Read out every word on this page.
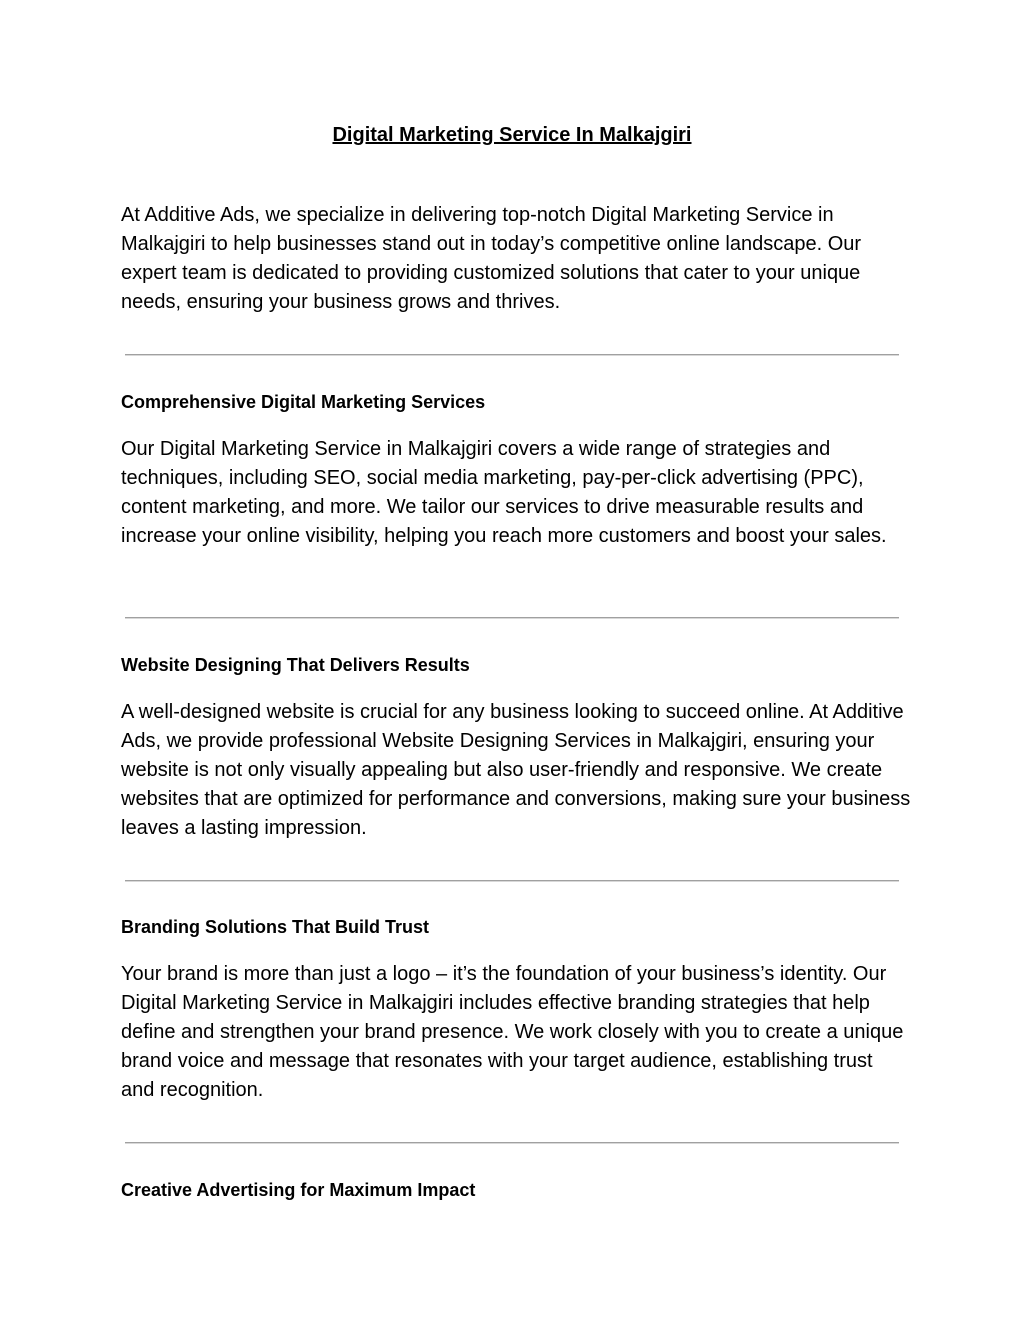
Digital Marketing Service In Malkajgiri

At Additive Ads, we specialize in delivering top-notch Digital Marketing Service in Malkajgiri to help businesses stand out in today’s competitive online landscape. Our expert team is dedicated to providing customized solutions that cater to your unique needs, ensuring your business grows and thrives.

Comprehensive Digital Marketing Services

Our Digital Marketing Service in Malkajgiri covers a wide range of strategies and techniques, including SEO, social media marketing, pay-per-click advertising (PPC), content marketing, and more. We tailor our services to drive measurable results and increase your online visibility, helping you reach more customers and boost your sales.

Website Designing That Delivers Results

A well-designed website is crucial for any business looking to succeed online. At Additive Ads, we provide professional Website Designing Services in Malkajgiri, ensuring your website is not only visually appealing but also user-friendly and responsive. We create websites that are optimized for performance and conversions, making sure your business leaves a lasting impression.

Branding Solutions That Build Trust

Your brand is more than just a logo – it’s the foundation of your business’s identity. Our Digital Marketing Service in Malkajgiri includes effective branding strategies that help define and strengthen your brand presence. We work closely with you to create a unique brand voice and message that resonates with your target audience, establishing trust and recognition.

Creative Advertising for Maximum Impact
